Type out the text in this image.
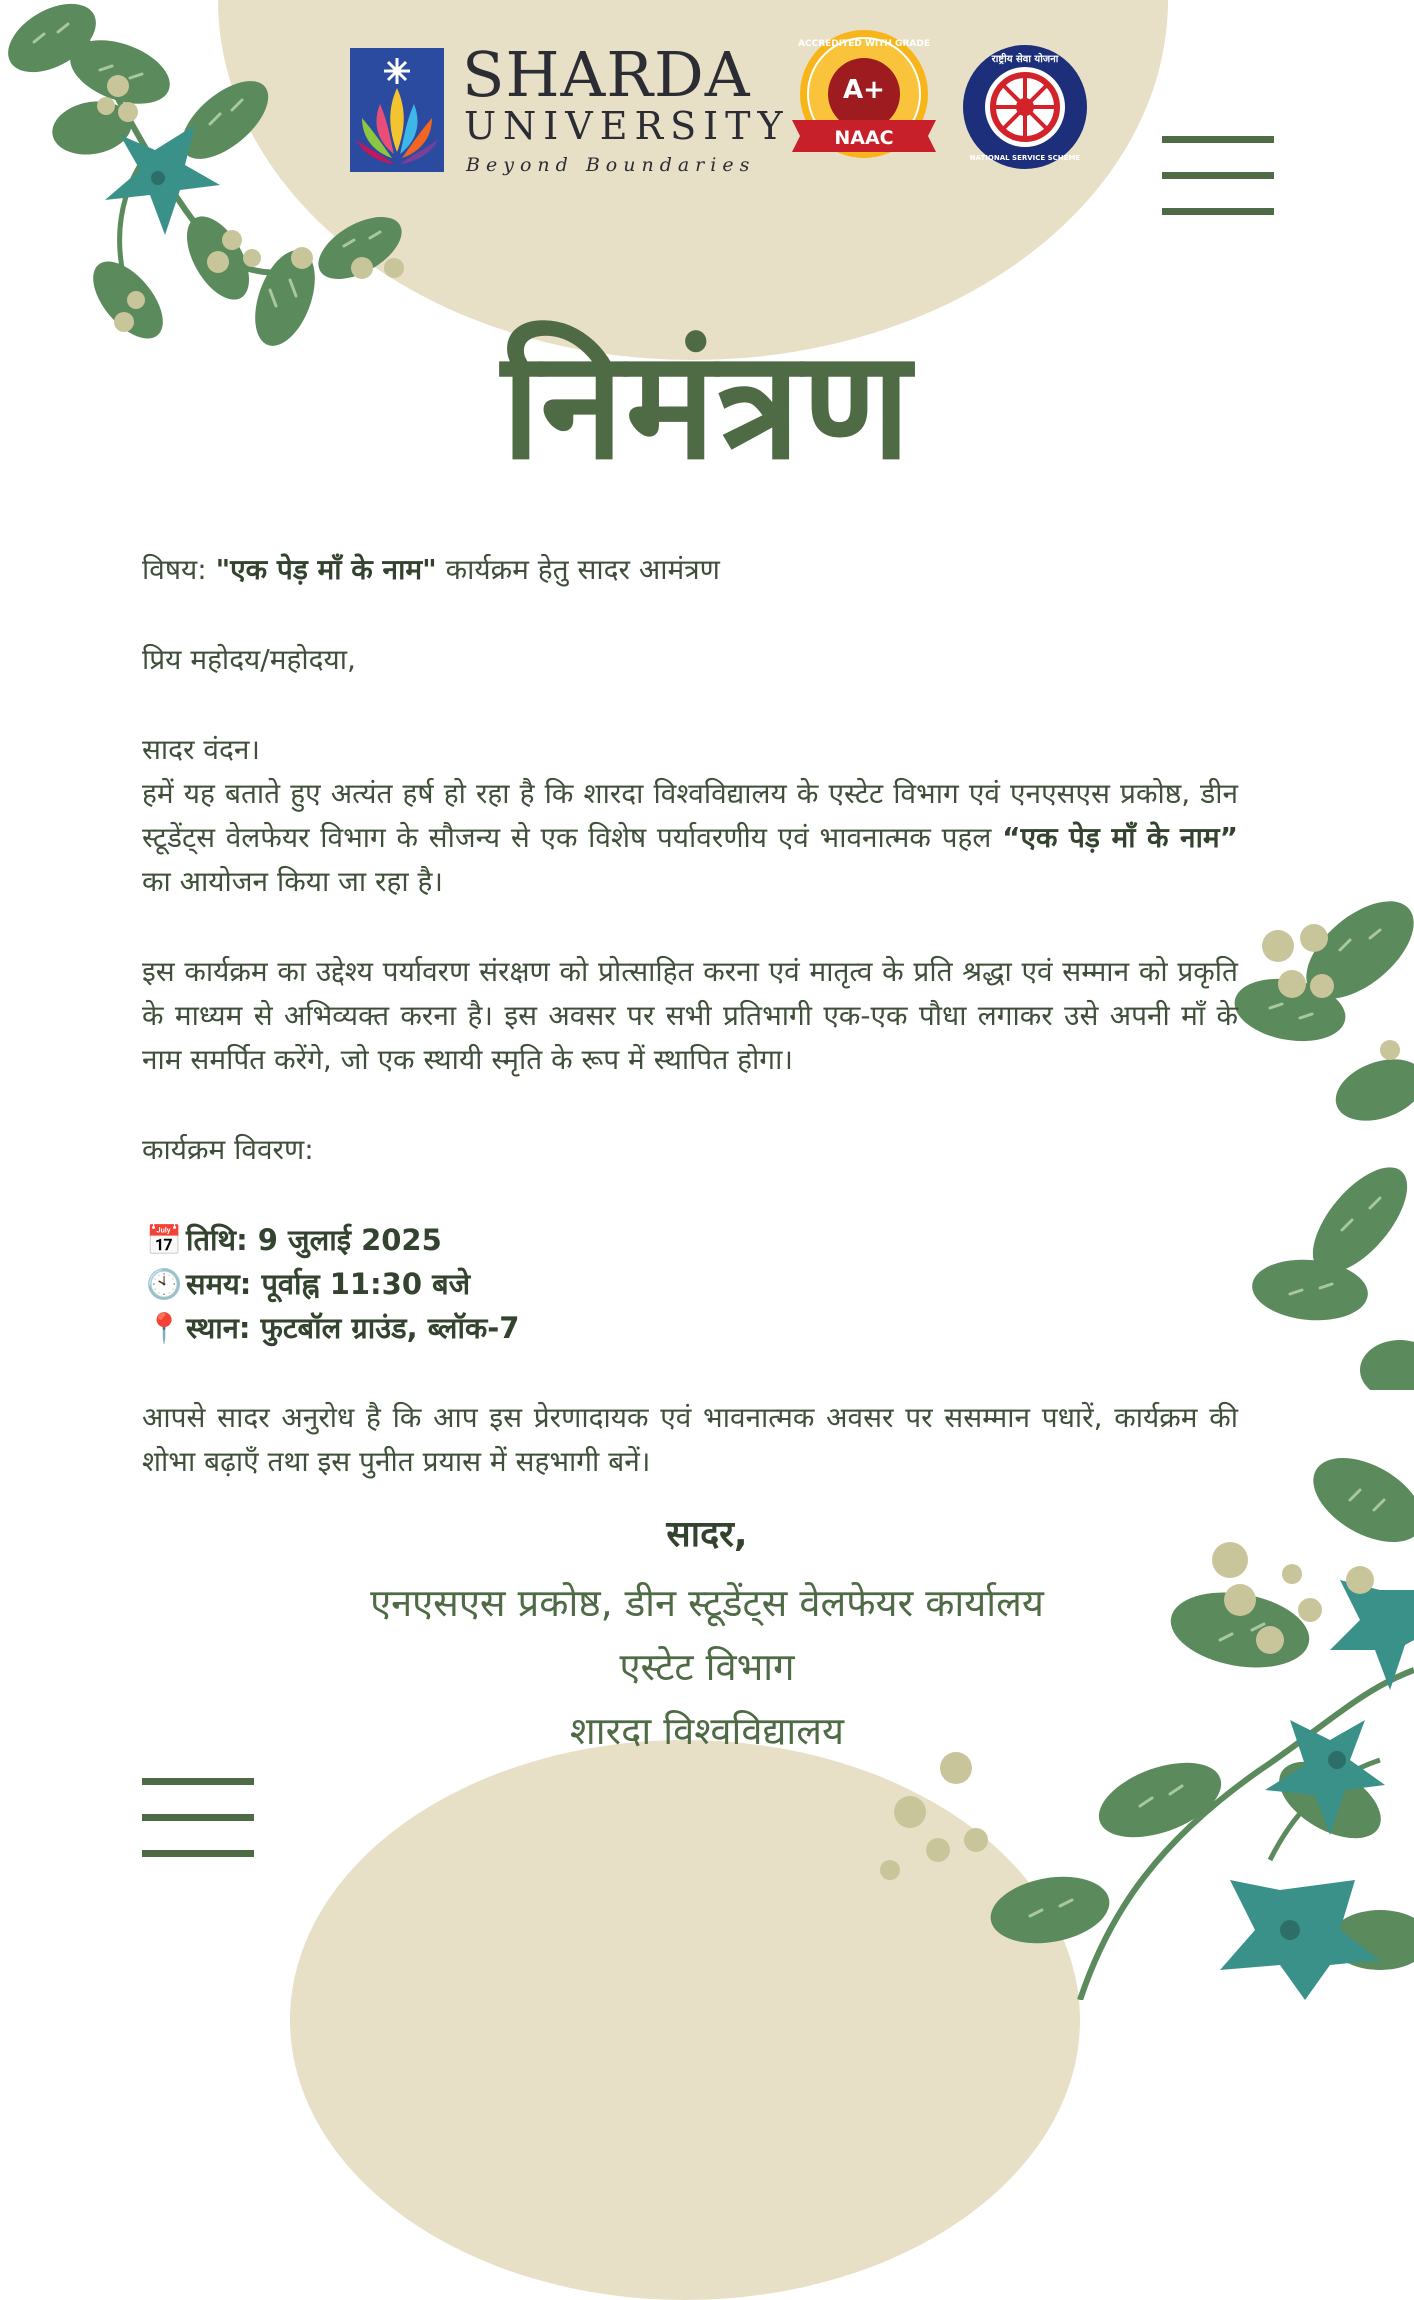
SHARDA
UNIVERSITY
Beyond Boundaries
ACCREDITED WITH GRADE
A+
NAAC
राष्ट्रीय सेवा योजना
NATIONAL SERVICE SCHEME
निमंत्रण

विषय: "एक पेड़ माँ के नाम" कार्यक्रम हेतु सादर आमंत्रण

प्रिय महोदय/महोदया,

सादर वंदन।

हमें यह बताते हुए अत्यंत हर्ष हो रहा है कि शारदा विश्वविद्यालय के एस्टेट विभाग एवं एनएसएस प्रकोष्ठ, डीन स्टूडेंट्स वेलफेयर विभाग के सौजन्य से एक विशेष पर्यावरणीय एवं भावनात्मक पहल “एक पेड़ माँ के नाम” का आयोजन किया जा रहा है।

इस कार्यक्रम का उद्देश्य पर्यावरण संरक्षण को प्रोत्साहित करना एवं मातृत्व के प्रति श्रद्धा एवं सम्मान को प्रकृति के माध्यम से अभिव्यक्त करना है। इस अवसर पर सभी प्रतिभागी एक-एक पौधा लगाकर उसे अपनी माँ के नाम समर्पित करेंगे, जो एक स्थायी स्मृति के रूप में स्थापित होगा।

कार्यक्रम विवरण:

📅 तिथि: 9 जुलाई 2025
🕙 समय: पूर्वाह्न 11:30 बजे
📍 स्थान: फुटबॉल ग्राउंड, ब्लॉक-7

आपसे सादर अनुरोध है कि आप इस प्रेरणादायक एवं भावनात्मक अवसर पर ससम्मान पधारें, कार्यक्रम की शोभा बढ़ाएँ तथा इस पुनीत प्रयास में सहभागी बनें।

सादर,
एनएसएस प्रकोष्ठ, डीन स्टूडेंट्स वेलफेयर कार्यालय
एस्टेट विभाग
शारदा विश्वविद्यालय
